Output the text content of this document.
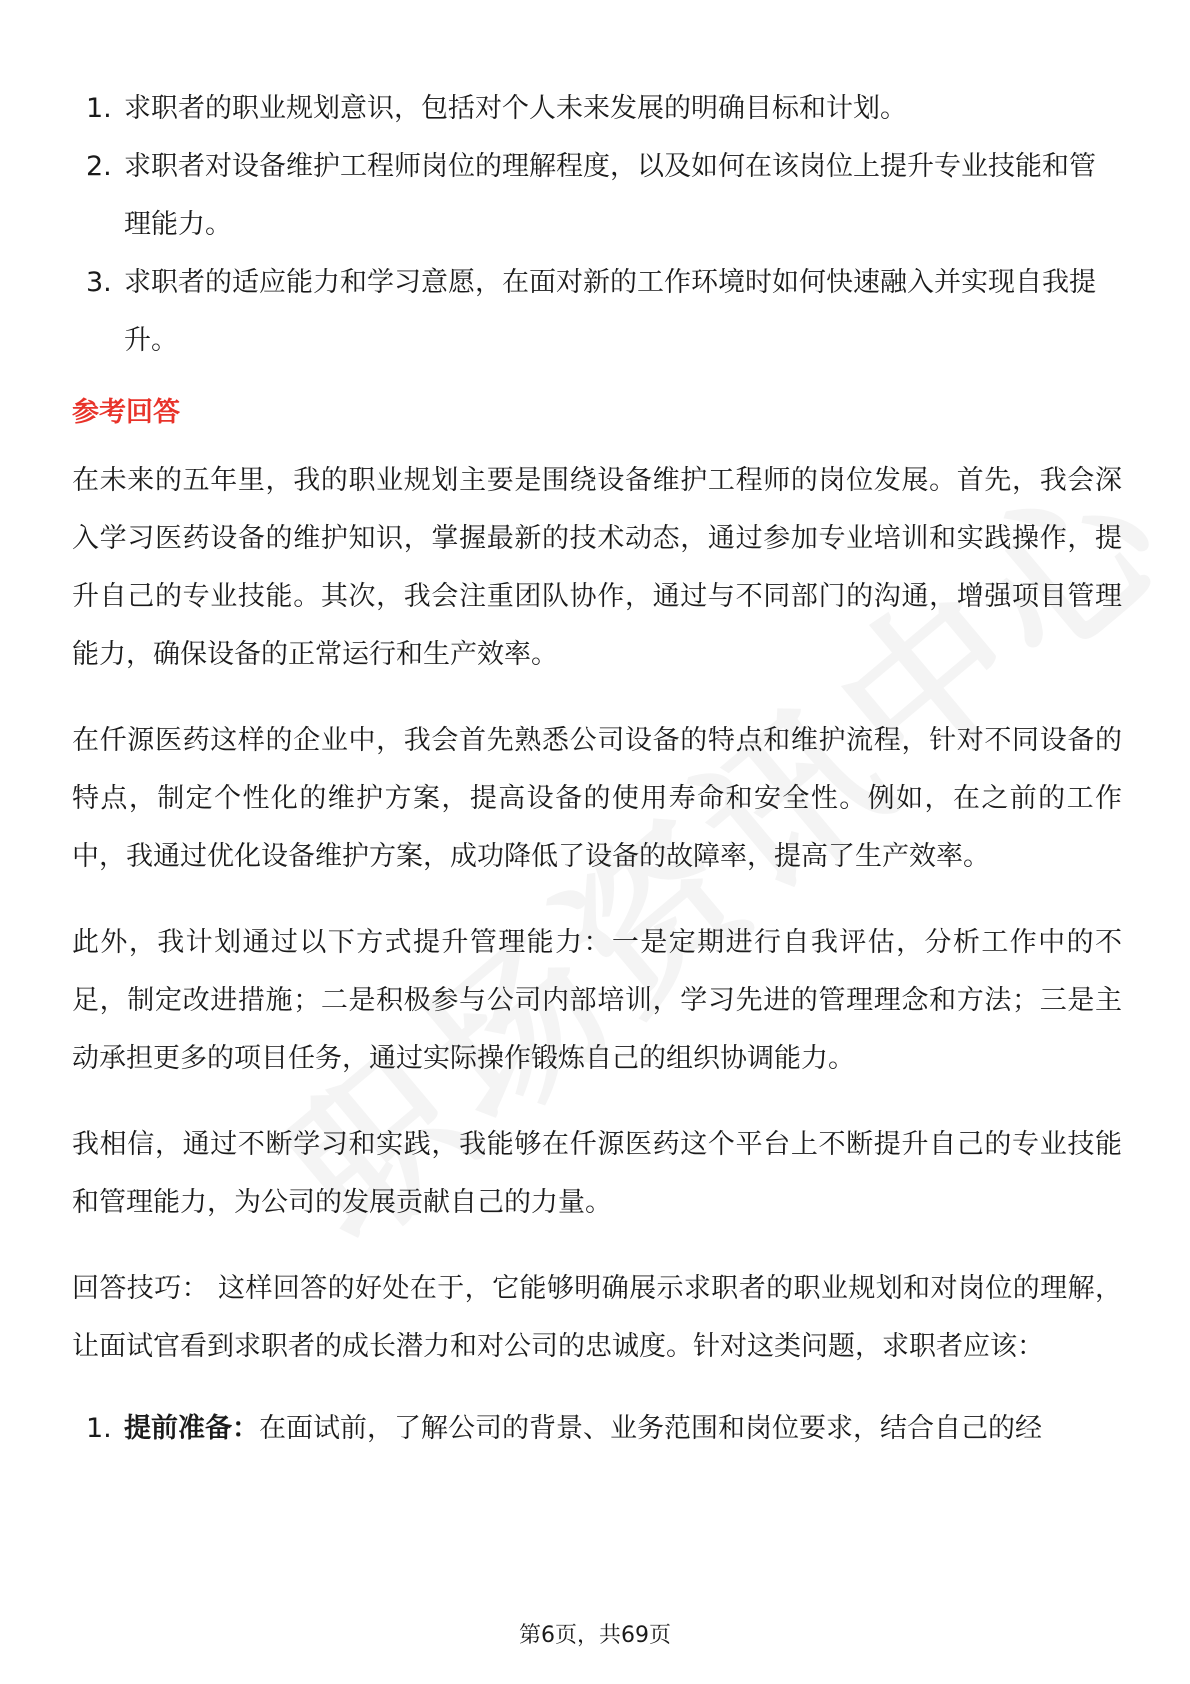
1. 求职者的职业规划意识，包括对个人未来发展的明确目标和计划。
2. 求职者对设备维护工程师岗位的理解程度，以及如何在该岗位上提升专业技能和管理能力。
3. 求职者的适应能力和学习意愿，在面对新的工作环境时如何快速融入并实现自我提升。
参考回答

在未来的五年里，我的职业规划主要是围绕设备维护工程师的岗位发展。首先，我会深入学习医药设备的维护知识，掌握最新的技术动态，通过参加专业培训和实践操作，提升自己的专业技能。其次，我会注重团队协作，通过与不同部门的沟通，增强项目管理能力，确保设备的正常运行和生产效率。

在仟源医药这样的企业中，我会首先熟悉公司设备的特点和维护流程，针对不同设备的特点，制定个性化的维护方案，提高设备的使用寿命和安全性。例如，在之前的工作中，我通过优化设备维护方案，成功降低了设备的故障率，提高了生产效率。

此外，我计划通过以下方式提升管理能力：一是定期进行自我评估，分析工作中的不足，制定改进措施；二是积极参与公司内部培训，学习先进的管理理念和方法；三是主动承担更多的项目任务，通过实际操作锻炼自己的组织协调能力。

我相信，通过不断学习和实践，我能够在仟源医药这个平台上不断提升自己的专业技能和管理能力，为公司的发展贡献自己的力量。

回答技巧： 这样回答的好处在于，它能够明确展示求职者的职业规划和对岗位的理解，让面试官看到求职者的成长潜力和对公司的忠诚度。针对这类问题，求职者应该：

1. 提前准备：在面试前，了解公司的背景、业务范围和岗位要求，结合自己的经
第6页，共69页
